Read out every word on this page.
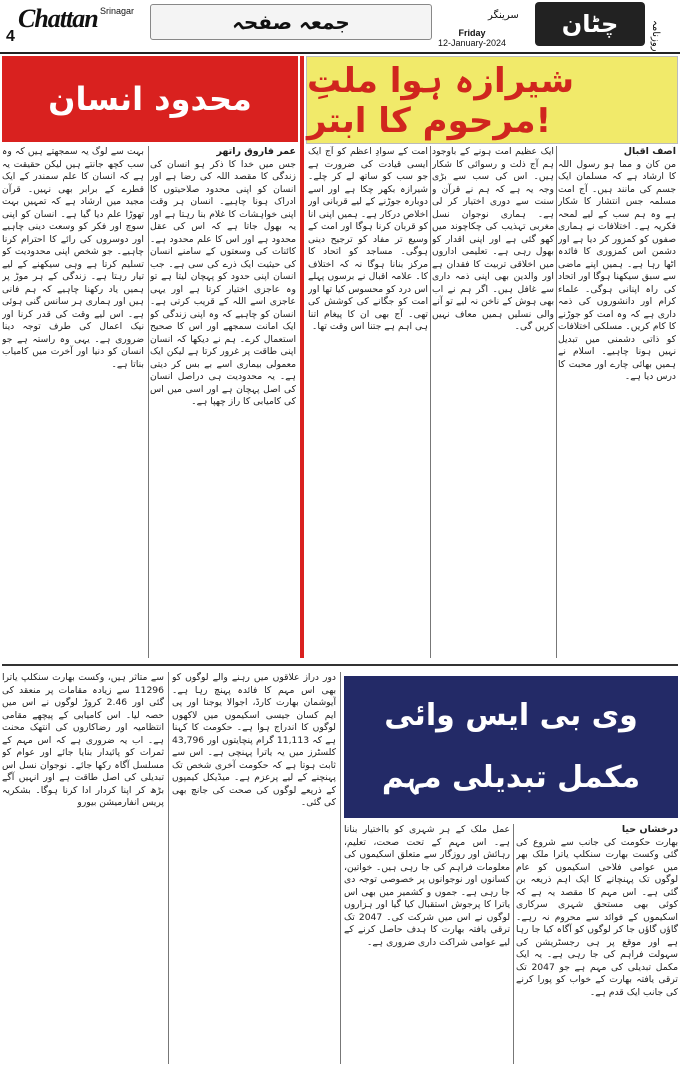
4
Chattan Srinagar	جمعہ صفحہ	Friday
12-January-2024
سرینگر	چٹان	روزنامہ
محدود انسان	شیرازہ ہوا ملتِ مرحوم کا ابتر!

عمر فاروق راتھر

جس میں خدا کا ذکر ہو انسان کی زندگی کا مقصد اللہ کی رضا ہے اور انسان کو اپنی محدود صلاحیتوں کا ادراک ہونا چاہیے۔ انسان ہر وقت اپنی خواہشات کا غلام بنا رہتا ہے اور یہ بھول جاتا ہے کہ اس کی عقل محدود ہے اور اس کا علم محدود ہے۔ کائنات کی وسعتوں کے سامنے انسان کی حیثیت ایک ذرے کی سی ہے۔ جب انسان اپنی حدود کو پہچان لیتا ہے تو وہ عاجزی اختیار کرتا ہے اور یہی عاجزی اسے اللہ کے قریب کرتی ہے۔ انسان کو چاہیے کہ وہ اپنی زندگی کو ایک امانت سمجھے اور اس کا صحیح استعمال کرے۔ ہم نے دیکھا کہ انسان اپنی طاقت پر غرور کرتا ہے لیکن ایک معمولی بیماری اسے بے بس کر دیتی ہے۔ یہ محدودیت ہی دراصل انسان کی اصل پہچان ہے اور اسی میں اس کی کامیابی کا راز چھپا ہے۔

بہت سے لوگ یہ سمجھتے ہیں کہ وہ سب کچھ جانتے ہیں لیکن حقیقت یہ ہے کہ انسان کا علم سمندر کے ایک قطرے کے برابر بھی نہیں۔ قرآن مجید میں ارشاد ہے کہ تمہیں بہت تھوڑا علم دیا گیا ہے۔ انسان کو اپنی سوچ اور فکر کو وسعت دینی چاہیے اور دوسروں کی رائے کا احترام کرنا چاہیے۔ جو شخص اپنی محدودیت کو تسلیم کرتا ہے وہی سیکھنے کے لیے تیار رہتا ہے۔ زندگی کے ہر موڑ پر ہمیں یاد رکھنا چاہیے کہ ہم فانی ہیں اور ہماری ہر سانس گنی ہوئی ہے۔ اس لیے وقت کی قدر کرنا اور نیک اعمال کی طرف توجہ دینا ضروری ہے۔ یہی وہ راستہ ہے جو انسان کو دنیا اور آخرت میں کامیاب بناتا ہے۔

آصف اقبال

من کان و مما ہو رسول اللہ کا ارشاد ہے کہ مسلمان ایک جسم کی مانند ہیں۔ آج امت مسلمہ جس انتشار کا شکار ہے وہ ہم سب کے لیے لمحہ فکریہ ہے۔ اختلافات نے ہماری صفوں کو کمزور کر دیا ہے اور دشمن اس کمزوری کا فائدہ اٹھا رہا ہے۔ ہمیں اپنے ماضی سے سبق سیکھنا ہوگا اور اتحاد کی راہ اپنانی ہوگی۔ علماء کرام اور دانشوروں کی ذمہ داری ہے کہ وہ امت کو جوڑنے کا کام کریں۔ مسلکی اختلافات کو ذاتی دشمنی میں تبدیل نہیں ہونا چاہیے۔ اسلام نے ہمیں بھائی چارے اور محبت کا درس دیا ہے۔

ایک عظیم امت ہونے کے باوجود ہم آج ذلت و رسوائی کا شکار ہیں۔ اس کی سب سے بڑی وجہ یہ ہے کہ ہم نے قرآن و سنت سے دوری اختیار کر لی ہے۔ ہماری نوجوان نسل مغربی تہذیب کی چکاچوند میں کھو گئی ہے اور اپنی اقدار کو بھول رہی ہے۔ تعلیمی اداروں میں اخلاقی تربیت کا فقدان ہے اور والدین بھی اپنی ذمہ داری سے غافل ہیں۔ اگر ہم نے اب بھی ہوش کے ناخن نہ لیے تو آنے والی نسلیں ہمیں معاف نہیں کریں گی۔

امت کے سوادِ اعظم کو آج ایک ایسی قیادت کی ضرورت ہے جو سب کو ساتھ لے کر چلے۔ شیرازہ بکھر چکا ہے اور اسے دوبارہ جوڑنے کے لیے قربانی اور اخلاص درکار ہے۔ ہمیں اپنی انا کو قربان کرنا ہوگا اور امت کے وسیع تر مفاد کو ترجیح دینی ہوگی۔ مساجد کو اتحاد کا مرکز بنانا ہوگا نہ کہ اختلاف کا۔ علامہ اقبال نے برسوں پہلے اس درد کو محسوس کیا تھا اور امت کو جگانے کی کوشش کی تھی۔ آج بھی ان کا پیغام اتنا ہی اہم ہے جتنا اس وقت تھا۔

وی بی ایس وائی
مکمل تبدیلی مہم

درخشاں حیا

بھارت حکومت کی جانب سے شروع کی گئی وکست بھارت سنکلپ یاترا ملک بھر میں عوامی فلاحی اسکیموں کو عام لوگوں تک پہنچانے کا ایک اہم ذریعہ بن گئی ہے۔ اس مہم کا مقصد یہ ہے کہ کوئی بھی مستحق شہری سرکاری اسکیموں کے فوائد سے محروم نہ رہے۔ گاؤں گاؤں جا کر لوگوں کو آگاہ کیا جا رہا ہے اور موقع پر ہی رجسٹریشن کی سہولت فراہم کی جا رہی ہے۔ یہ ایک مکمل تبدیلی کی مہم ہے جو 2047 تک ترقی یافتہ بھارت کے خواب کو پورا کرنے کی جانب ایک قدم ہے۔

عمل ملک کے ہر شہری کو بااختیار بنانا ہے۔ اس مہم کے تحت صحت، تعلیم، رہائش اور روزگار سے متعلق اسکیموں کی معلومات فراہم کی جا رہی ہیں۔ خواتین، کسانوں اور نوجوانوں پر خصوصی توجہ دی جا رہی ہے۔ جموں و کشمیر میں بھی اس یاترا کا پرجوش استقبال کیا گیا اور ہزاروں لوگوں نے اس میں شرکت کی۔ 2047 تک ترقی یافتہ بھارت کا ہدف حاصل کرنے کے لیے عوامی شراکت داری ضروری ہے۔

دور دراز علاقوں میں رہنے والے لوگوں کو بھی اس مہم کا فائدہ پہنچ رہا ہے۔ آیوشمان بھارت کارڈ، اجوالا یوجنا اور پی ایم کسان جیسی اسکیموں میں لاکھوں لوگوں کا اندراج ہوا ہے۔ حکومت کا کہنا ہے کہ 11,113 گرام پنچایتوں اور 43,796 کلسٹرز میں یہ یاترا پہنچی ہے۔ اس سے ثابت ہوتا ہے کہ حکومت آخری شخص تک پہنچنے کے لیے پرعزم ہے۔ میڈیکل کیمپوں کے ذریعے لوگوں کی صحت کی جانچ بھی کی گئی۔

سے متاثر ہیں، وکست بھارت سنکلپ یاترا 11296 سے زیادہ مقامات پر منعقد کی گئی اور 2.46 کروڑ لوگوں نے اس میں حصہ لیا۔ اس کامیابی کے پیچھے مقامی انتظامیہ اور رضاکاروں کی انتھک محنت ہے۔ اب یہ ضروری ہے کہ اس مہم کے ثمرات کو پائیدار بنایا جائے اور عوام کو مسلسل آگاہ رکھا جائے۔ نوجوان نسل اس تبدیلی کی اصل طاقت ہے اور انہیں آگے بڑھ کر اپنا کردار ادا کرنا ہوگا۔ بشکریہ پریس انفارمیشن بیورو
